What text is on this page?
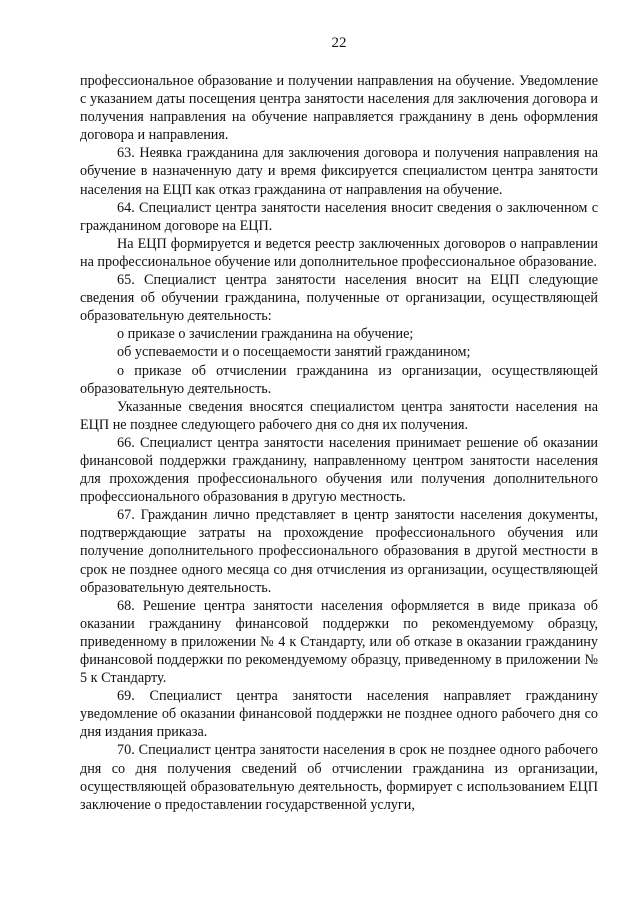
22

профессиональное образование и получении направления на обучение. Уведомление с указанием даты посещения центра занятости населения для заключения договора и получения направления на обучение направляется гражданину в день оформления договора и направления.

63. Неявка гражданина для заключения договора и получения направления на обучение в назначенную дату и время фиксируется специалистом центра занятости населения на ЕЦП как отказ гражданина от направления на обучение.

64. Специалист центра занятости населения вносит сведения о заключенном с гражданином договоре на ЕЦП.

На ЕЦП формируется и ведется реестр заключенных договоров о направлении на профессиональное обучение или дополнительное профессиональное образование.

65. Специалист центра занятости населения вносит на ЕЦП следующие сведения об обучении гражданина, полученные от организации, осуществляющей образовательную деятельность:

о приказе о зачислении гражданина на обучение;

об успеваемости и о посещаемости занятий гражданином;

о приказе об отчислении гражданина из организации, осуществляющей образовательную деятельность.

Указанные сведения вносятся специалистом центра занятости населения на ЕЦП не позднее следующего рабочего дня со дня их получения.

66. Специалист центра занятости населения принимает решение об оказании финансовой поддержки гражданину, направленному центром занятости населения для прохождения профессионального обучения или получения дополнительного профессионального образования в другую местность.

67. Гражданин лично представляет в центр занятости населения документы, подтверждающие затраты на прохождение профессионального обучения или получение дополнительного профессионального образования в другой местности в срок не позднее одного месяца со дня отчисления из организации, осуществляющей образовательную деятельность.

68. Решение центра занятости населения оформляется в виде приказа об оказании гражданину финансовой поддержки по рекомендуемому образцу, приведенному в приложении № 4 к Стандарту, или об отказе в оказании гражданину финансовой поддержки по рекомендуемому образцу, приведенному в приложении № 5 к Стандарту.

69. Специалист центра занятости населения направляет гражданину уведомление об оказании финансовой поддержки не позднее одного рабочего дня со дня издания приказа.

70. Специалист центра занятости населения в срок не позднее одного рабочего дня со дня получения сведений об отчислении гражданина из организации, осуществляющей образовательную деятельность, формирует с использованием ЕЦП заключение о предоставлении государственной услуги,
